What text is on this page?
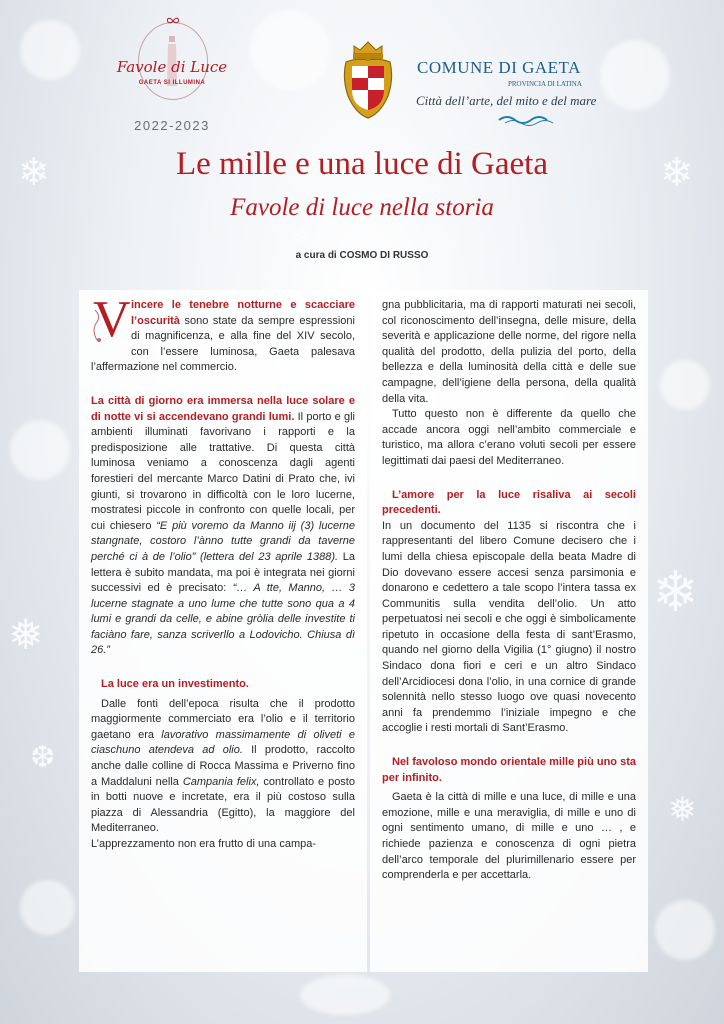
❄	❄
❅
❄
❆
❅
❄
Favole di Luce
GAETA SI ILLUMINA
2022-2023
COMUNE DI GAETA
PROVINCIA DI LATINA
Città dell’arte, del mito e del mare
Le mille e una luce di Gaeta
Favole di luce nella storia
a cura di COSMO DI RUSSO

V incere le tenebre notturne e scacciare l’oscurità sono state da sempre espressioni di magnificenza, e alla fine del XIV secolo, con l’essere luminosa, Gaeta palesava l’affermazione nel commercio.

La città di giorno era immersa nella luce solare e di notte vi si accendevano grandi lumi. Il porto e gli ambienti illuminati favorivano i rapporti e la predisposizione alle trattative. Di questa città luminosa veniamo a conoscenza dagli agenti forestieri del mercante Marco Datini di Prato che, ivi giunti, si trovarono in difficoltà con le loro lucerne, mostratesi piccole in confronto con quelle locali, per cui chiesero “E più voremo da Manno iij (3) lucerne stangnate, costoro l’ànno tutte grandi da taverne perché ci à de l’olio” (lettera del 23 aprile 1388). La lettera è subito mandata, ma poi è integrata nei giorni successivi ed è precisato: “… A tte, Manno, … 3 lucerne stagnate a uno lume che tutte sono qua a 4 lumi e grandi da celle, e abine gròlia delle investite ti faciàno fare, sanza scriverllo a Lodovicho. Chiusa dì 26.”

La luce era un investimento.

Dalle fonti dell’epoca risulta che il prodotto maggiormente commerciato era l’olio e il territorio gaetano era lavorativo massimamente di oliveti e ciaschuno atendeva ad olio. Il prodotto, raccolto anche dalle colline di Rocca Massima e Priverno fino a Maddaluni nella Campania felix, controllato e posto in botti nuove e incretate, era il più costoso sulla piazza di Alessandria (Egitto), la maggiore del Mediterraneo.

L’apprezzamento non era frutto di una campa-

gna pubblicitaria, ma di rapporti maturati nei secoli, col riconoscimento dell’insegna, delle misure, della severità e applicazione delle norme, del rigore nella qualità del prodotto, della pulizia del porto, della bellezza e della luminosità della città e delle sue campagne, dell’igiene della persona, della qualità della vita.

Tutto questo non è differente da quello che accade ancora oggi nell’ambito commerciale e turistico, ma allora c’erano voluti secoli per essere legittimati dai paesi del Mediterraneo.

L’amore per la luce risaliva ai secoli precedenti.

In un documento del 1135 si riscontra che i rappresentanti del libero Comune decisero che i lumi della chiesa episcopale della beata Madre di Dio dovevano essere accesi senza parsimonia e donarono e cedettero a tale scopo l’intera tassa ex Communitis sulla vendita dell’olio. Un atto perpetuatosi nei secoli e che oggi è simbolicamente ripetuto in occasione della festa di sant’Erasmo, quando nel giorno della Vigilia (1° giugno) il nostro Sindaco dona fiori e ceri e un altro Sindaco dell’Arcidiocesi dona l’olio, in una cornice di grande solennità nello stesso luogo ove quasi novecento anni fa prendemmo l’iniziale impegno e che accoglie i resti mortali di Sant’Erasmo.

Nel favoloso mondo orientale mille più uno sta per infinito.

Gaeta è la città di mille e una luce, di mille e una emozione, mille e una meraviglia, di mille e uno di ogni sentimento umano, di mille e uno … , e richiede pazienza e conoscenza di ogni pietra dell’arco temporale del plurimillenario essere per comprenderla e per accettarla.
